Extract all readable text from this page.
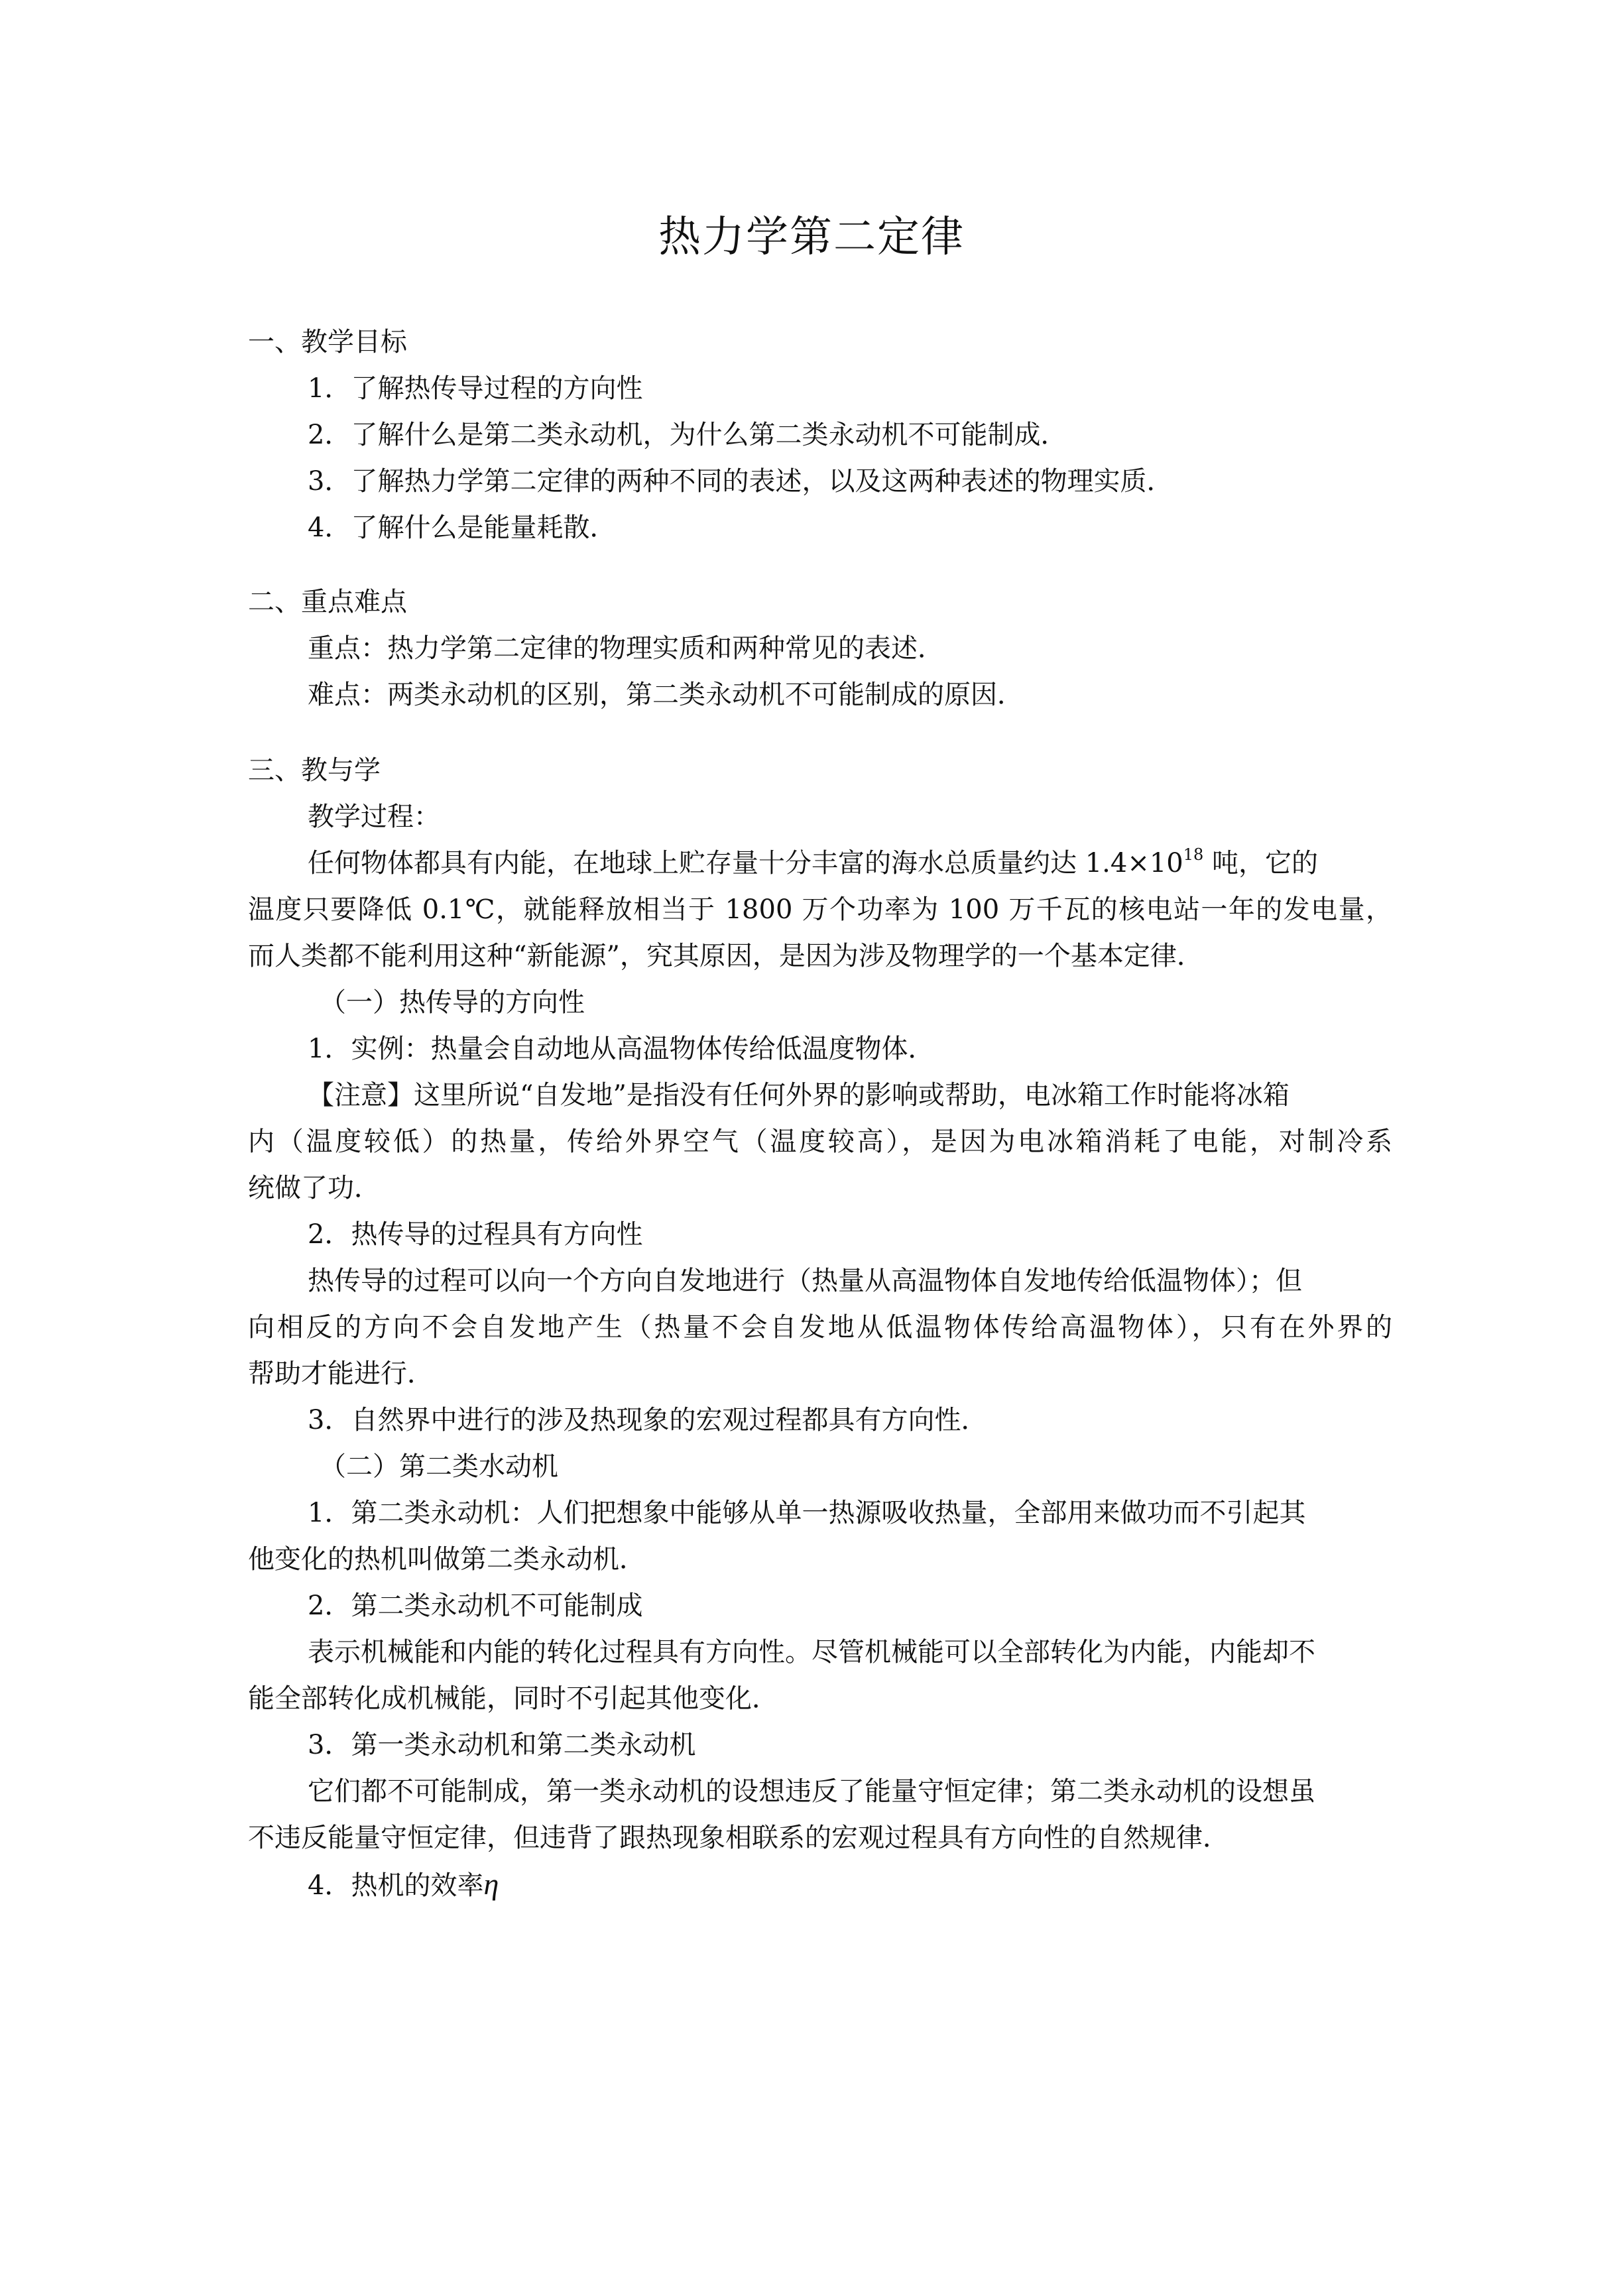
热力学第二定律
一、教学目标
1．了解热传导过程的方向性
2．了解什么是第二类永动机，为什么第二类永动机不可能制成．
3．了解热力学第二定律的两种不同的表述，以及这两种表述的物理实质．
4．了解什么是能量耗散．
二、重点难点
重点：热力学第二定律的物理实质和两种常见的表述．
难点：两类永动机的区别，第二类永动机不可能制成的原因．
三、教与学
教学过程：
任何物体都具有内能，在地球上贮存量十分丰富的海水总质量约达 $1.4\times 10^{18}$ 吨，它的
温度只要降低 0.1℃，就能释放相当于 1800 万个功率为 100 万千瓦的核电站一年的发电量，
而人类都不能利用这种“新能源”，究其原因，是因为涉及物理学的一个基本定律．
（一）热传导的方向性
1．实例：热量会自动地从高温物体传给低温度物体．
【注意】这里所说“自发地”是指没有任何外界的影响或帮助，电冰箱工作时能将冰箱
内（温度较低）的热量，传给外界空气（温度较高），是因为电冰箱消耗了电能，对制冷系
统做了功．
2．热传导的过程具有方向性
热传导的过程可以向一个方向自发地进行（热量从高温物体自发地传给低温物体）；但
向相反的方向不会自发地产生（热量不会自发地从低温物体传给高温物体），只有在外界的
帮助才能进行．
3．自然界中进行的涉及热现象的宏观过程都具有方向性．
（二）第二类水动机
1．第二类永动机：人们把想象中能够从单一热源吸收热量，全部用来做功而不引起其
他变化的热机叫做第二类永动机．
2．第二类永动机不可能制成
表示机械能和内能的转化过程具有方向性。尽管机械能可以全部转化为内能，内能却不
能全部转化成机械能，同时不引起其他变化．
3．第一类永动机和第二类永动机
它们都不可能制成，第一类永动机的设想违反了能量守恒定律；第二类永动机的设想虽
不违反能量守恒定律，但违背了跟热现象相联系的宏观过程具有方向性的自然规律．
4．热机的效率η
